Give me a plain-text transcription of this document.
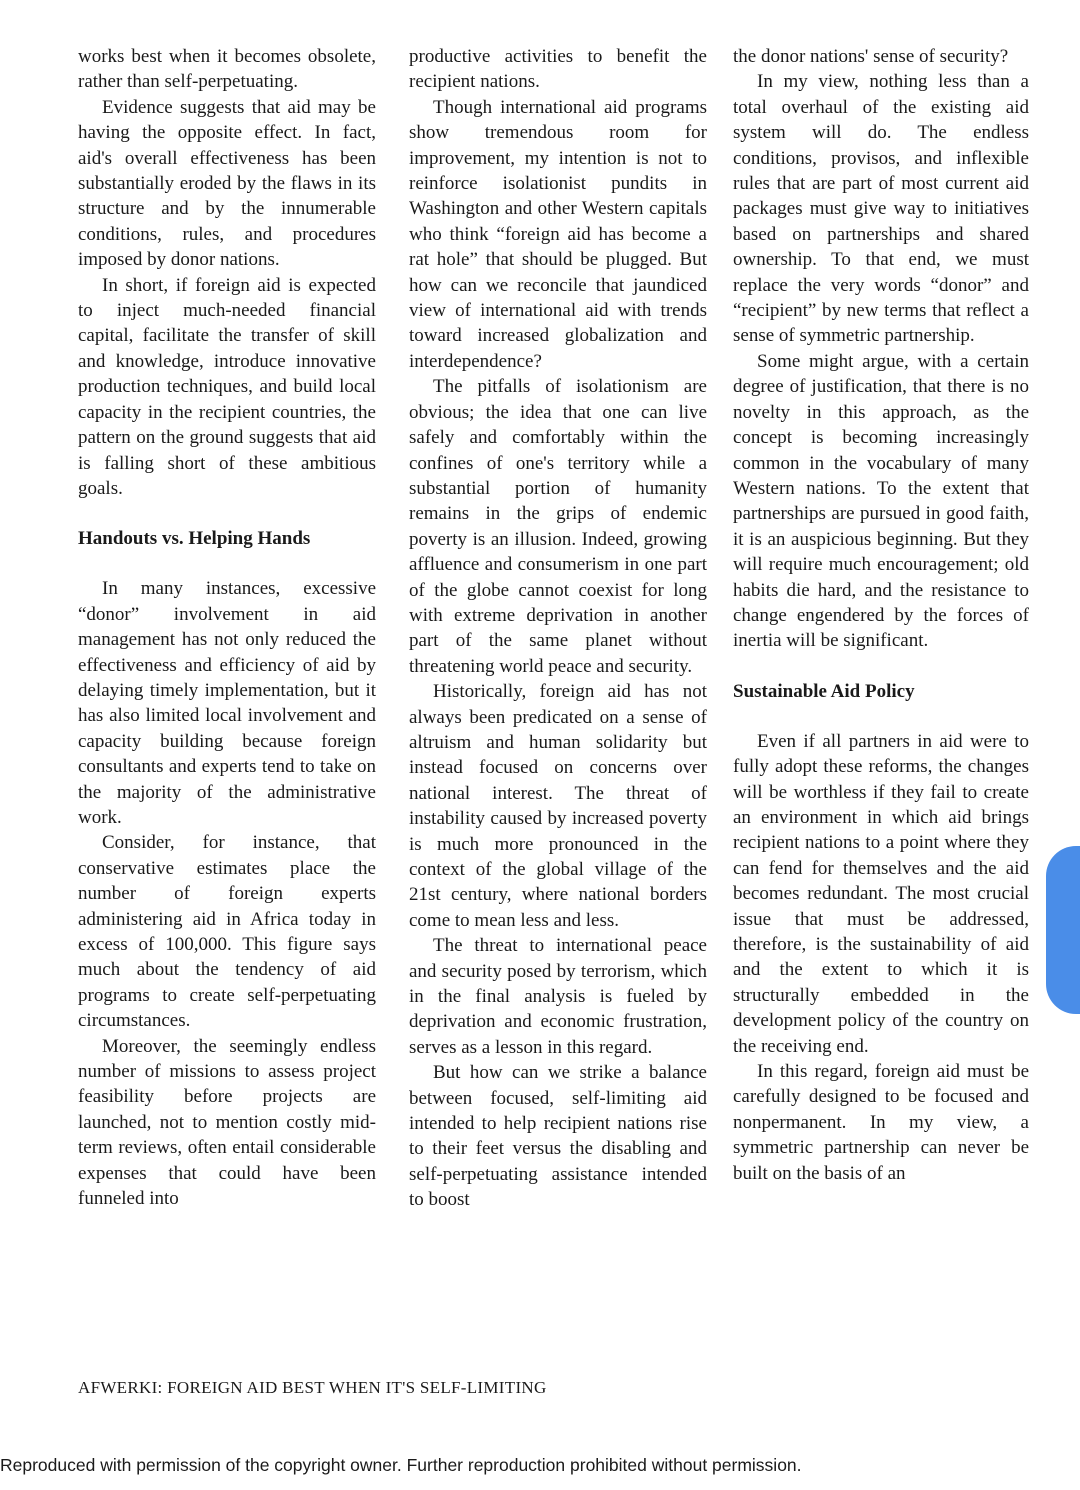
works best when it becomes obsolete, rather than self-perpetuating.

Evidence suggests that aid may be having the opposite effect. In fact, aid's overall effectiveness has been substantially eroded by the flaws in its structure and by the innumerable conditions, rules, and procedures imposed by donor nations.

In short, if foreign aid is expected to inject much-needed financial capital, facilitate the transfer of skill and knowledge, introduce innovative production techniques, and build local capacity in the recipient countries, the pattern on the ground suggests that aid is falling short of these ambitious goals.

Handouts vs. Helping Hands

In many instances, excessive “donor” involvement in aid management has not only reduced the effectiveness and efficiency of aid by delaying timely implementation, but it has also limited local involvement and capacity building because foreign consultants and experts tend to take on the majority of the administrative work.

Consider, for instance, that conservative estimates place the number of foreign experts administering aid in Africa today in excess of 100,000. This figure says much about the tendency of aid programs to create self-perpetuating circumstances.

Moreover, the seemingly endless number of missions to assess project feasibility before projects are launched, not to mention costly mid-term reviews, often entail considerable expenses that could have been funneled into

productive activities to benefit the recipient nations.

Though international aid programs show tremendous room for improvement, my intention is not to reinforce isolationist pundits in Washington and other Western capitals who think “foreign aid has become a rat hole” that should be plugged. But how can we reconcile that jaundiced view of international aid with trends toward increased globalization and interdependence?

The pitfalls of isolationism are obvious; the idea that one can live safely and comfortably within the confines of one's territory while a substantial portion of humanity remains in the grips of endemic poverty is an illusion. Indeed, growing affluence and consumerism in one part of the globe cannot coexist for long with extreme deprivation in another part of the same planet without threatening world peace and security.

Historically, foreign aid has not always been predicated on a sense of altruism and human solidarity but instead focused on concerns over national interest. The threat of instability caused by increased poverty is much more pronounced in the context of the global village of the 21st century, where national borders come to mean less and less.

The threat to international peace and security posed by terrorism, which in the final analysis is fueled by deprivation and economic frustration, serves as a lesson in this regard.

But how can we strike a balance between focused, self-limiting aid intended to help recipient nations rise to their feet versus the disabling and self-perpetuating assistance intended to boost

the donor nations' sense of security?

In my view, nothing less than a total overhaul of the existing aid system will do. The endless conditions, provisos, and inflexible rules that are part of most current aid packages must give way to initiatives based on partnerships and shared ownership. To that end, we must replace the very words “donor” and “recipient” by new terms that reflect a sense of symmetric partnership.

Some might argue, with a certain degree of justification, that there is no novelty in this approach, as the concept is becoming increasingly common in the vocabulary of many Western nations. To the extent that partnerships are pursued in good faith, it is an auspicious beginning. But they will require much encouragement; old habits die hard, and the resistance to change engendered by the forces of inertia will be significant.

Sustainable Aid Policy

Even if all partners in aid were to fully adopt these reforms, the changes will be worthless if they fail to create an environment in which aid brings recipient nations to a point where they can fend for themselves and the aid becomes redundant. The most crucial issue that must be addressed, therefore, is the sustainability of aid and the extent to which it is structurally embedded in the development policy of the country on the receiving end.

In this regard, foreign aid must be carefully designed to be focused and nonpermanent. In my view, a symmetric partnership can never be built on the basis of an

AFWERKI: FOREIGN AID BEST WHEN IT'S SELF-LIMITING
Reproduced with permission of the copyright owner. Further reproduction prohibited without permission.
